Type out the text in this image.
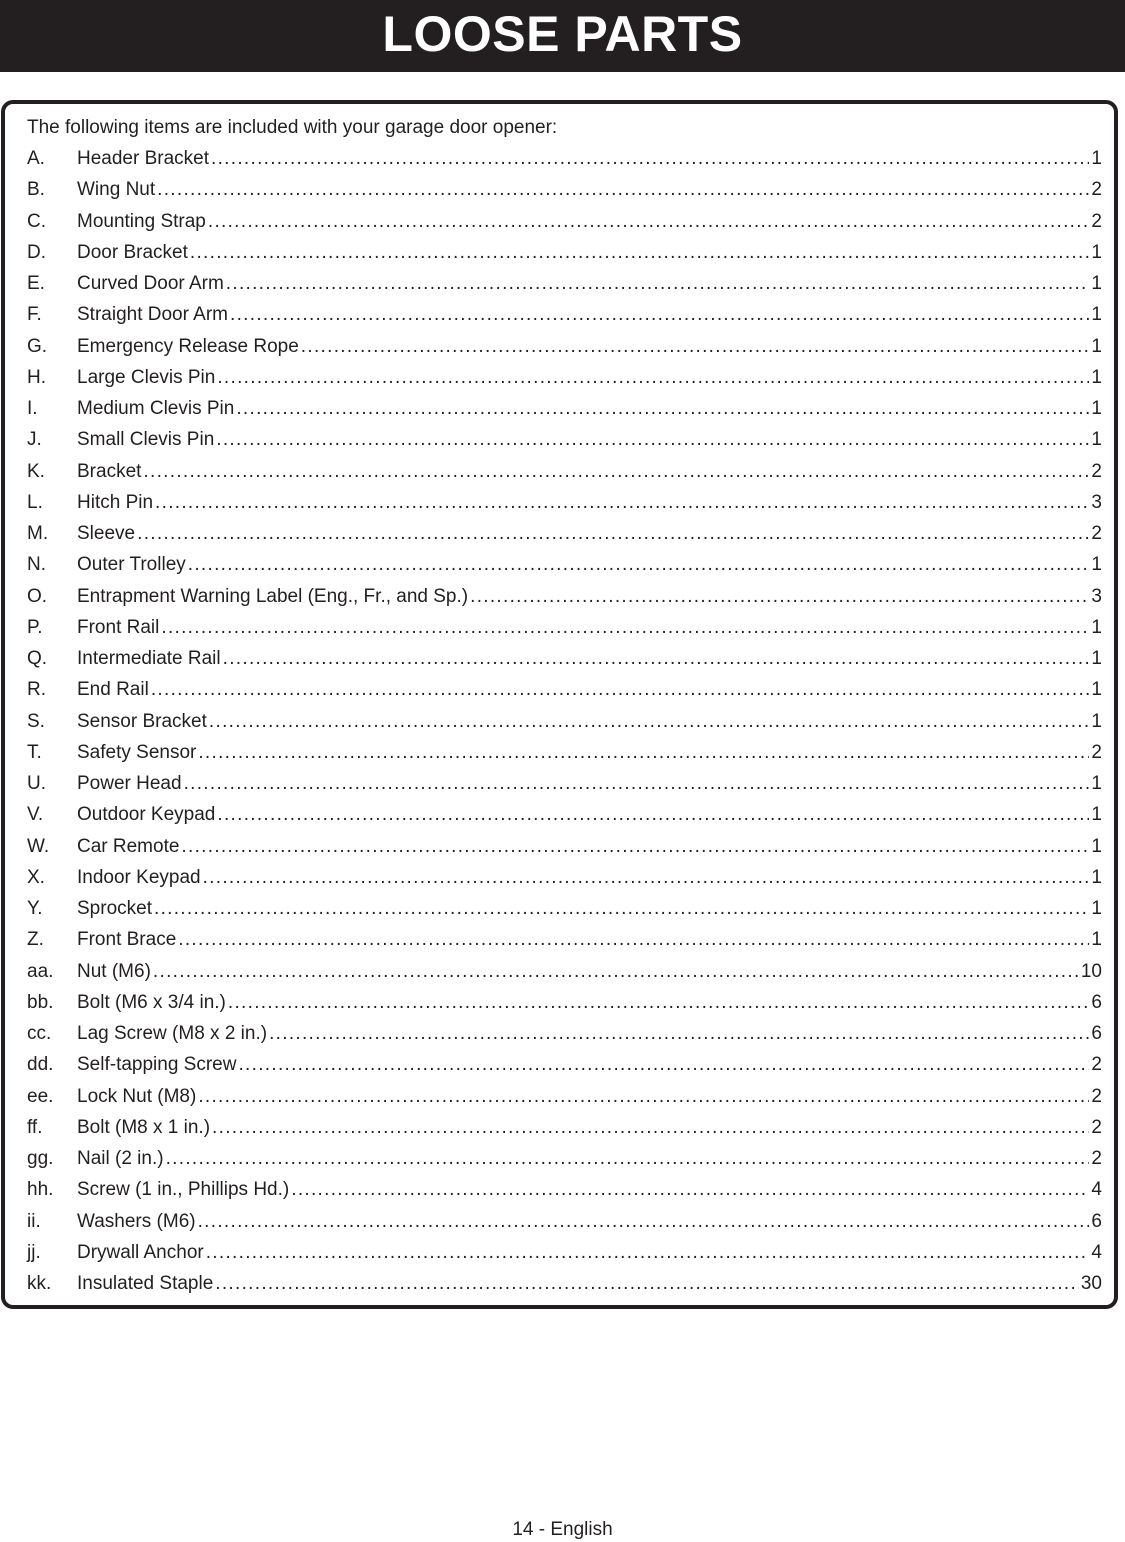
LOOSE PARTS
The following items are included with your garage door opener:
A.	Header Bracket .....	1
B.	Wing Nut .....	2
C.	Mounting Strap .....	2
D.	Door Bracket .....	1
E.	Curved Door Arm .....	1
F.	Straight Door Arm .....	1
G.	Emergency Release Rope .....	1
H.	Large Clevis Pin .....	1
I.	Medium Clevis Pin .....	1
J.	Small Clevis Pin .....	1
K.	Bracket .....	2
L.	Hitch Pin .....	3
M.	Sleeve .....	2
N.	Outer Trolley .....	1
O.	Entrapment Warning Label (Eng., Fr., and Sp.) .....	3
P.	Front Rail .....	1
Q.	Intermediate Rail .....	1
R.	End Rail .....	1
S.	Sensor Bracket .....	1
T.	Safety Sensor .....	2
U.	Power Head .....	1
V.	Outdoor Keypad .....	1
W.	Car Remote .....	1
X.	Indoor Keypad .....	1
Y.	Sprocket .....	1
Z.	Front Brace .....	1
aa.	Nut (M6) .....	10
bb.	Bolt (M6 x 3/4 in.) .....	6
cc.	Lag Screw (M8 x 2 in.) .....	6
dd.	Self-tapping Screw .....	2
ee.	Lock Nut (M8) .....	2
ff.	Bolt (M8 x 1 in.) .....	2
gg.	Nail (2 in.) .....	2
hh.	Screw (1 in., Phillips Hd.) .....	4
ii.	Washers (M6) .....	6
jj.	Drywall Anchor .....	4
kk.	Insulated Staple .....	30
14 - English
